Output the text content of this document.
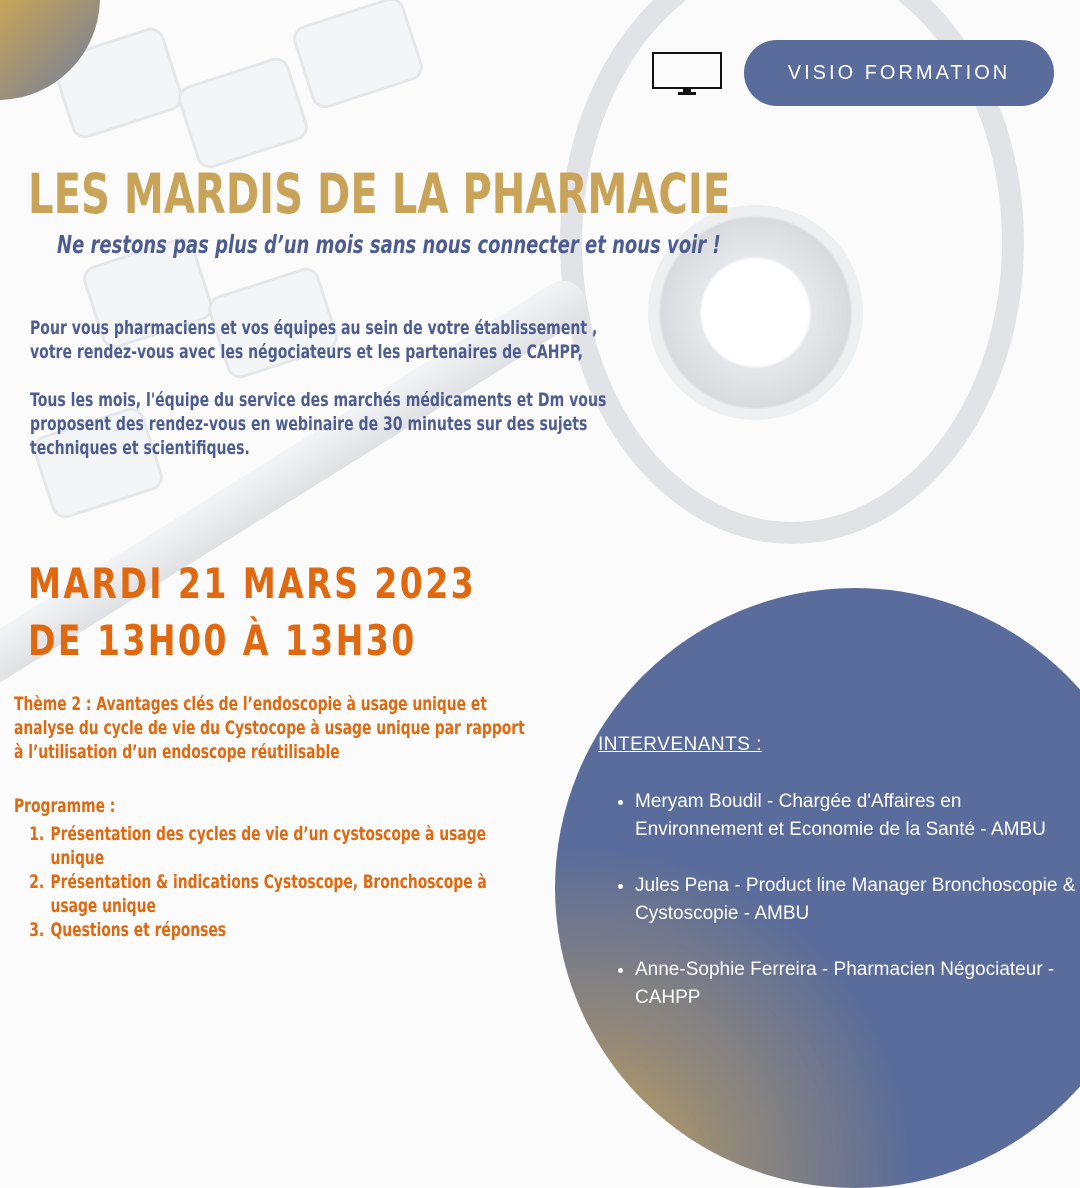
VISIO FORMATION
LES MARDIS DE LA PHARMACIE

Ne restons pas plus d’un mois sans nous connecter et nous voir !

Pour vous pharmaciens et vos équipes au sein de votre établissement ,
votre rendez-vous avec les négociateurs et les partenaires de CAHPP,

Tous les mois, l'équipe du service des marchés médicaments et Dm vous
proposent des rendez-vous en webinaire de 30 minutes sur des sujets
techniques et scientifiques.

MARDI 21 MARS 2023
DE 13H00 À 13H30
Thème 2 : Avantages clés de l’endoscopie à usage unique et analyse du cycle de vie du Cystocope à usage unique par rapport à l’utilisation d’un endoscope réutilisable
Programme :
1. Présentation des cycles de vie d’un cystoscope à usage unique
2. Présentation & indications Cystoscope, Bronchoscope à usage unique
3. Questions et réponses

INTERVENANTS :

• Meryam Boudil - Chargée d'Affaires en Environnement et Economie de la Santé - AMBU
• Jules Pena - Product line Manager Bronchoscopie & Cystoscopie - AMBU
• Anne-Sophie Ferreira - Pharmacien Négociateur - CAHPP
